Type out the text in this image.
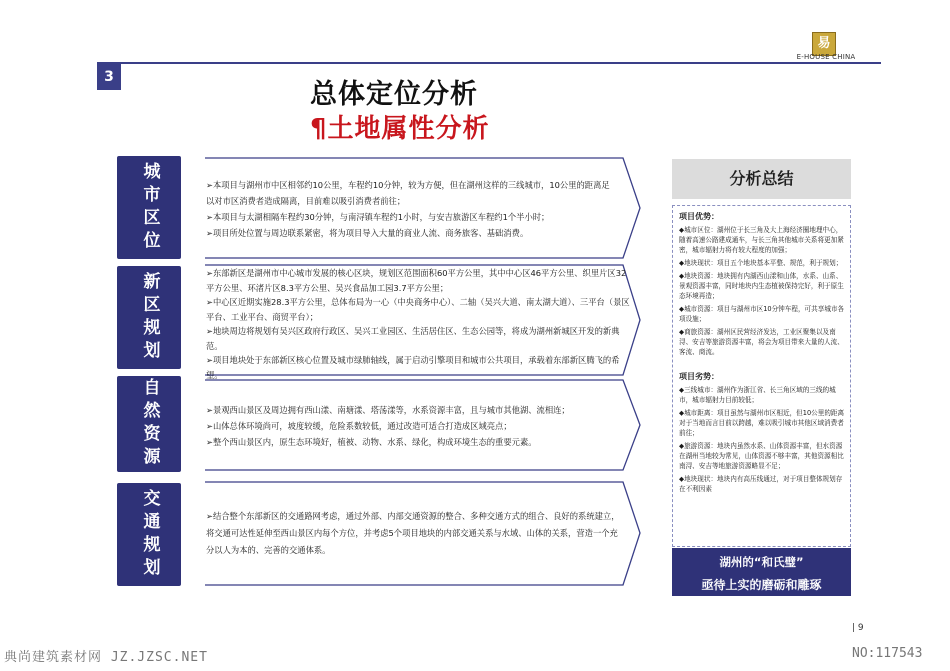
3
易
E-HOUSE CHINA
总体定位分析
¶土地属性分析
城市区位	➢本项目与湖州市中区相邻约10公里，车程约10分钟，较为方便，但在湖州这样的三线城市，10公里的距离足以对市区消费者造成隔离，目前难以吸引消费者前往；

➢本项目与太湖相隔车程约30分钟，与南浔镇车程约1小时，与安吉旅游区车程约1个半小时；

➢项目所处位置与周边联系紧密，将为项目导入大量的商业人流、商务旅客、基础消费。

新区规划	➢东部新区是湖州市中心城市发展的核心区块，规划区范围面积60平方公里，其中中心区46平方公里、织里片区32平方公里、环渚片区8.3平方公里、吴兴食品加工园3.7平方公里；

➢中心区近期实施28.3平方公里，总体布局为一心（中央商务中心）、二轴（吴兴大道、南太湖大道）、三平台（景区平台、工业平台、商贸平台）；

➢地块周边将规划有吴兴区政府行政区、吴兴工业园区、生活居住区、生态公园等，将成为湖州新城区开发的新典范。

➢项目地块处于东部新区核心位置及城市绿肺轴线，属于启动引擎项目和城市公共项目，承载着东部新区腾飞的希望。

自然资源	➢景观西山景区及周边拥有西山漾、南塘漾、塔荡漾等，水系资源丰富，且与城市其他湖、流相连；

➢山体总体环境尚可，坡度较缓，危险系数较低，通过改造可适合打造成区域亮点；

➢整个西山景区内，原生态环境好，植被、动物、水系、绿化，构成环境生态的重要元素。

交通规划	➢结合整个东部新区的交通路网考虑，通过外部、内部交通资源的整合、多种交通方式的组合、良好的系统建立，将交通可达性延伸至西山景区内每个方位，并考虑5个项目地块的内部交通关系与水域、山体的关系，营造一个充分以人为本的、完善的交通体系。

分析总结
项目优势：

◆城市区位：湖州位于长三角及大上海经济圈地理中心，随着高速公路建成通车，与长三角其他城市关系将更加紧密，城市辐射力将有较大程度的加强；

◆地块现状：项目五个地块基本平整、规范，利于规划；

◆地块资源：地块拥有内湖西山漾和山体，水系、山系、景观资源丰富，同时地块内生态植被保持完好，利于原生态环境再造；

◆城市资源：项目与湖州市区10分钟车程，可共享城市各项设施；

◆商旅资源：湖州区民营经济发达，工业区聚集以及南浔、安吉等旅游资源丰富，将会为项目带来大量的人流、客流、商流。

项目劣势：

◆三线城市：湖州作为浙江省、长三角区域的三线的城市，城市辐射力目前较低；

◆城市距离：项目虽然与湖州市区相近，但10公里的距离对于当地而言目前以跨越，难以吸引城市其他区域消费者前往；

◆旅游资源：地块内虽然水系、山体资源丰富，但水资源在湖州当地较为常见，山体资源不够丰富，其他资源相比南浔、安吉等地旅游资源略显不足；

◆地块现状：地块内有高压线通过，对于项目整体规划存在不利因素

湖州的“和氏璧”
亟待上实的磨砺和雕琢
| 9
典尚建筑素材网 JZ.JZSC.NET	NO:117543
